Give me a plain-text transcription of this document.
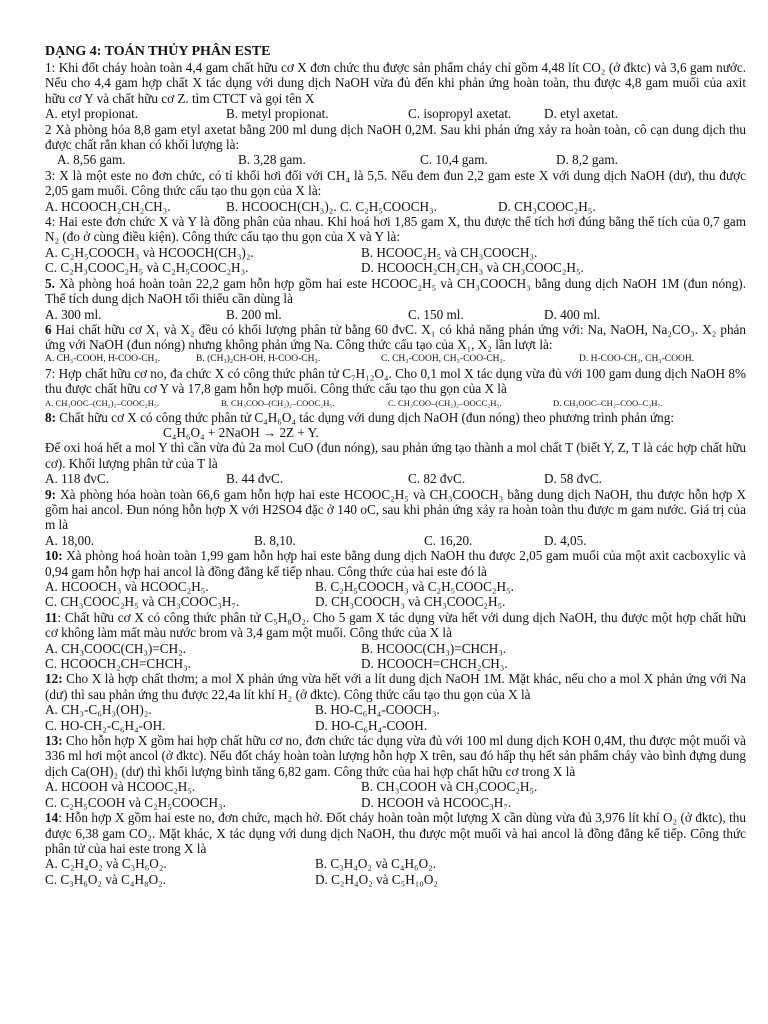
DẠNG 4: TOÁN THỦY PHÂN ESTE

1: Khi đốt cháy hoàn toàn 4,4 gam chất hữu cơ X đơn chức thu được sản phẩm cháy chỉ gồm 4,48 lít CO₂ (ở đktc) và 3,6 gam nước. Nếu cho 4,4 gam hợp chất X tác dụng với dung dịch NaOH vừa đủ đến khi phản ứng hoàn toàn, thu được 4,8 gam muối của axit hữu cơ Y và chất hữu cơ Z. tìm CTCT và gọi tên X

A. etyl propionat.	B. metyl propionat.	C. isopropyl axetat.	D. etyl axetat.

2 Xà phòng hóa 8,8 gam etyl axetat bằng 200 ml dung dịch NaOH 0,2M. Sau khi phản ứng xảy ra hoàn toàn, cô cạn dung dịch thu được chất rắn khan có khối lượng là:

A. 8,56 gam.	B. 3,28 gam.	C. 10,4 gam.	D. 8,2 gam.

3: X là một este no đơn chức, có tỉ khối hơi đối với CH₄ là 5,5. Nếu đem đun 2,2 gam este X với dung dịch NaOH (dư), thu được 2,05 gam muối. Công thức cấu tạo thu gọn của X là:

A. HCOOCH₂CH₂CH₃.	B. HCOOCH(CH₃)₂. C. C₂H₅COOCH₃.	D. CH₃COOC₂H₅.

4: Hai este đơn chức X và Y là đồng phân của nhau. Khi hoá hơi 1,85 gam X, thu được thể tích hơi đúng bằng thể tích của 0,7 gam N₂ (đo ở cùng điều kiện). Công thức cấu tạo thu gọn của X và Y là:

A. C₂H₅COOCH₃ và HCOOCH(CH₃)₂.	B. HCOOC₂H₅ và CH₃COOCH₃.
C. C₂H₃COOC₂H₅ và C₂H₅COOC₂H₃.	D. HCOOCH₂CH₂CH₃ và CH₃COOC₂H₅.

5. Xà phòng hoá hoàn toàn 22,2 gam hỗn hợp gồm hai este HCOOC₂H₅ và CH₃COOCH₃ bằng dung dịch NaOH 1M (đun nóng). Thể tích dung dịch NaOH tối thiểu cần dùng là

A. 300 ml.	B. 200 ml.	C. 150 ml.	D. 400 ml.

6 Hai chất hữu cơ X₁ và X₂ đều có khối lượng phân tử bằng 60 đvC. X₁ có khả năng phản ứng với: Na, NaOH, Na₂CO₃. X₂ phản ứng với NaOH (đun nóng) nhưng không phản ứng Na. Công thức cấu tạo của X₁, X₂ lần lượt là:

A. CH₃-COOH, H-COO-CH₃.	B. (CH₃)₂CH-OH, H-COO-CH₃.	C. CH₃-COOH, CH₃-COO-CH₃.	D. H-COO-CH₃, CH₃-COOH.

7: Hợp chất hữu cơ no, đa chức X có công thức phân tử C₇H₁₂O₄. Cho 0,1 mol X tác dụng vừa đủ với 100 gam dung dịch NaOH 8% thu được chất hữu cơ Y và 17,8 gam hỗn hợp muối. Công thức cấu tạo thu gọn của X là

A. CH₃OOC–(CH₂)₂–COOC₂H₅.	B. CH₃COO–(CH₂)₂–COOC₂H₅.	C. CH₃COO–(CH₂)₂–OOCC₂H₅.	D. CH₃OOC–CH₂–COO–C₃H₇.

8: Chất hữu cơ X có công thức phân tử C₄H₆O₄ tác dụng với dung dịch NaOH (đun nóng) theo phương trình phản ứng:

C₄H₆O₄ + 2NaOH → 2Z + Y.

Để oxi hoá hết a mol Y thì cần vừa đủ 2a mol CuO (đun nóng), sau phản ứng tạo thành a mol chất T (biết Y, Z, T là các hợp chất hữu cơ). Khối lượng phân tử của T là

A. 118 đvC.	B. 44 đvC.	C. 82 đvC.	D. 58 đvC.

9: Xà phòng hóa hoàn toàn 66,6 gam hỗn hợp hai este HCOOC₂H₅ và CH₃COOCH₃ bằng dung dịch NaOH, thu được hỗn hợp X gồm hai ancol. Đun nóng hỗn hợp X với H2SO4 đặc ở 140 oC, sau khi phản ứng xảy ra hoàn toàn thu được m gam nước. Giá trị của m là

A. 18,00.	B. 8,10.	C. 16,20.	D. 4,05.

10: Xà phòng hoá hoàn toàn 1,99 gam hỗn hợp hai este bằng dung dịch NaOH thu được 2,05 gam muối của một axit cacboxylic và 0,94 gam hỗn hợp hai ancol là đồng đẳng kế tiếp nhau. Công thức của hai este đó là

A. HCOOCH₃ và HCOOC₂H₅.	B. C₂H₅COOCH₃ và C₂H₅COOC₂H₅.
C. CH₃COOC₂H₅ và CH₃COOC₃H₇.	D. CH₃COOCH₃ và CH₃COOC₂H₅.

11: Chất hữu cơ X có công thức phân tử C₅H₈O₂. Cho 5 gam X tác dụng vừa hết với dung dịch NaOH, thu được một hợp chất hữu cơ không làm mất màu nước brom và 3,4 gam một muối. Công thức của X là

A. CH₃COOC(CH₃)=CH₂.	B. HCOOC(CH₃)=CHCH₃.
C. HCOOCH₂CH=CHCH₃.	D. HCOOCH=CHCH₂CH₃.

12: Cho X là hợp chất thơm; a mol X phản ứng vừa hết với a lít dung dịch NaOH 1M. Mặt khác, nếu cho a mol X phản ứng với Na (dư) thì sau phản ứng thu được 22,4a lít khí H₂ (ở đktc). Công thức cấu tạo thu gọn của X là

A. CH₃-C₆H₃(OH)₂.	B. HO-C₆H₄-COOCH₃.
C. HO-CH₂-C₆H₄-OH.	D. HO-C₆H₄-COOH.

13: Cho hỗn hợp X gồm hai hợp chất hữu cơ no, đơn chức tác dụng vừa đủ với 100 ml dung dịch KOH 0,4M, thu được một muối và 336 ml hơi một ancol (ở đktc). Nếu đốt cháy hoàn toàn lượng hỗn hợp X trên, sau đó hấp thụ hết sản phẩm cháy vào bình đựng dung dịch Ca(OH)₂ (dư) thì khối lượng bình tăng 6,82 gam. Công thức của hai hợp chất hữu cơ trong X là

A. HCOOH và HCOOC₂H₅.	B. CH₃COOH và CH₃COOC₂H₅.
C. C₂H₅COOH và C₂H₅COOCH₃.	D. HCOOH và HCOOC₃H₇.

14: Hỗn hợp X gồm hai este no, đơn chức, mạch hở. Đốt cháy hoàn toàn một lượng X cần dùng vừa đủ 3,976 lít khí O₂ (ở đktc), thu được 6,38 gam CO₂. Mặt khác, X tác dụng với dung dịch NaOH, thu được một muối và hai ancol là đồng đẳng kế tiếp. Công thức phân tử của hai este trong X là

A. C₂H₄O₂ và C₃H₆O₂.	B. C₃H₄O₂ và C₄H₆O₂.
C. C₃H₆O₂ và C₄H₈O₂.	D. C₂H₄O₂ và C₅H₁₀O₂
